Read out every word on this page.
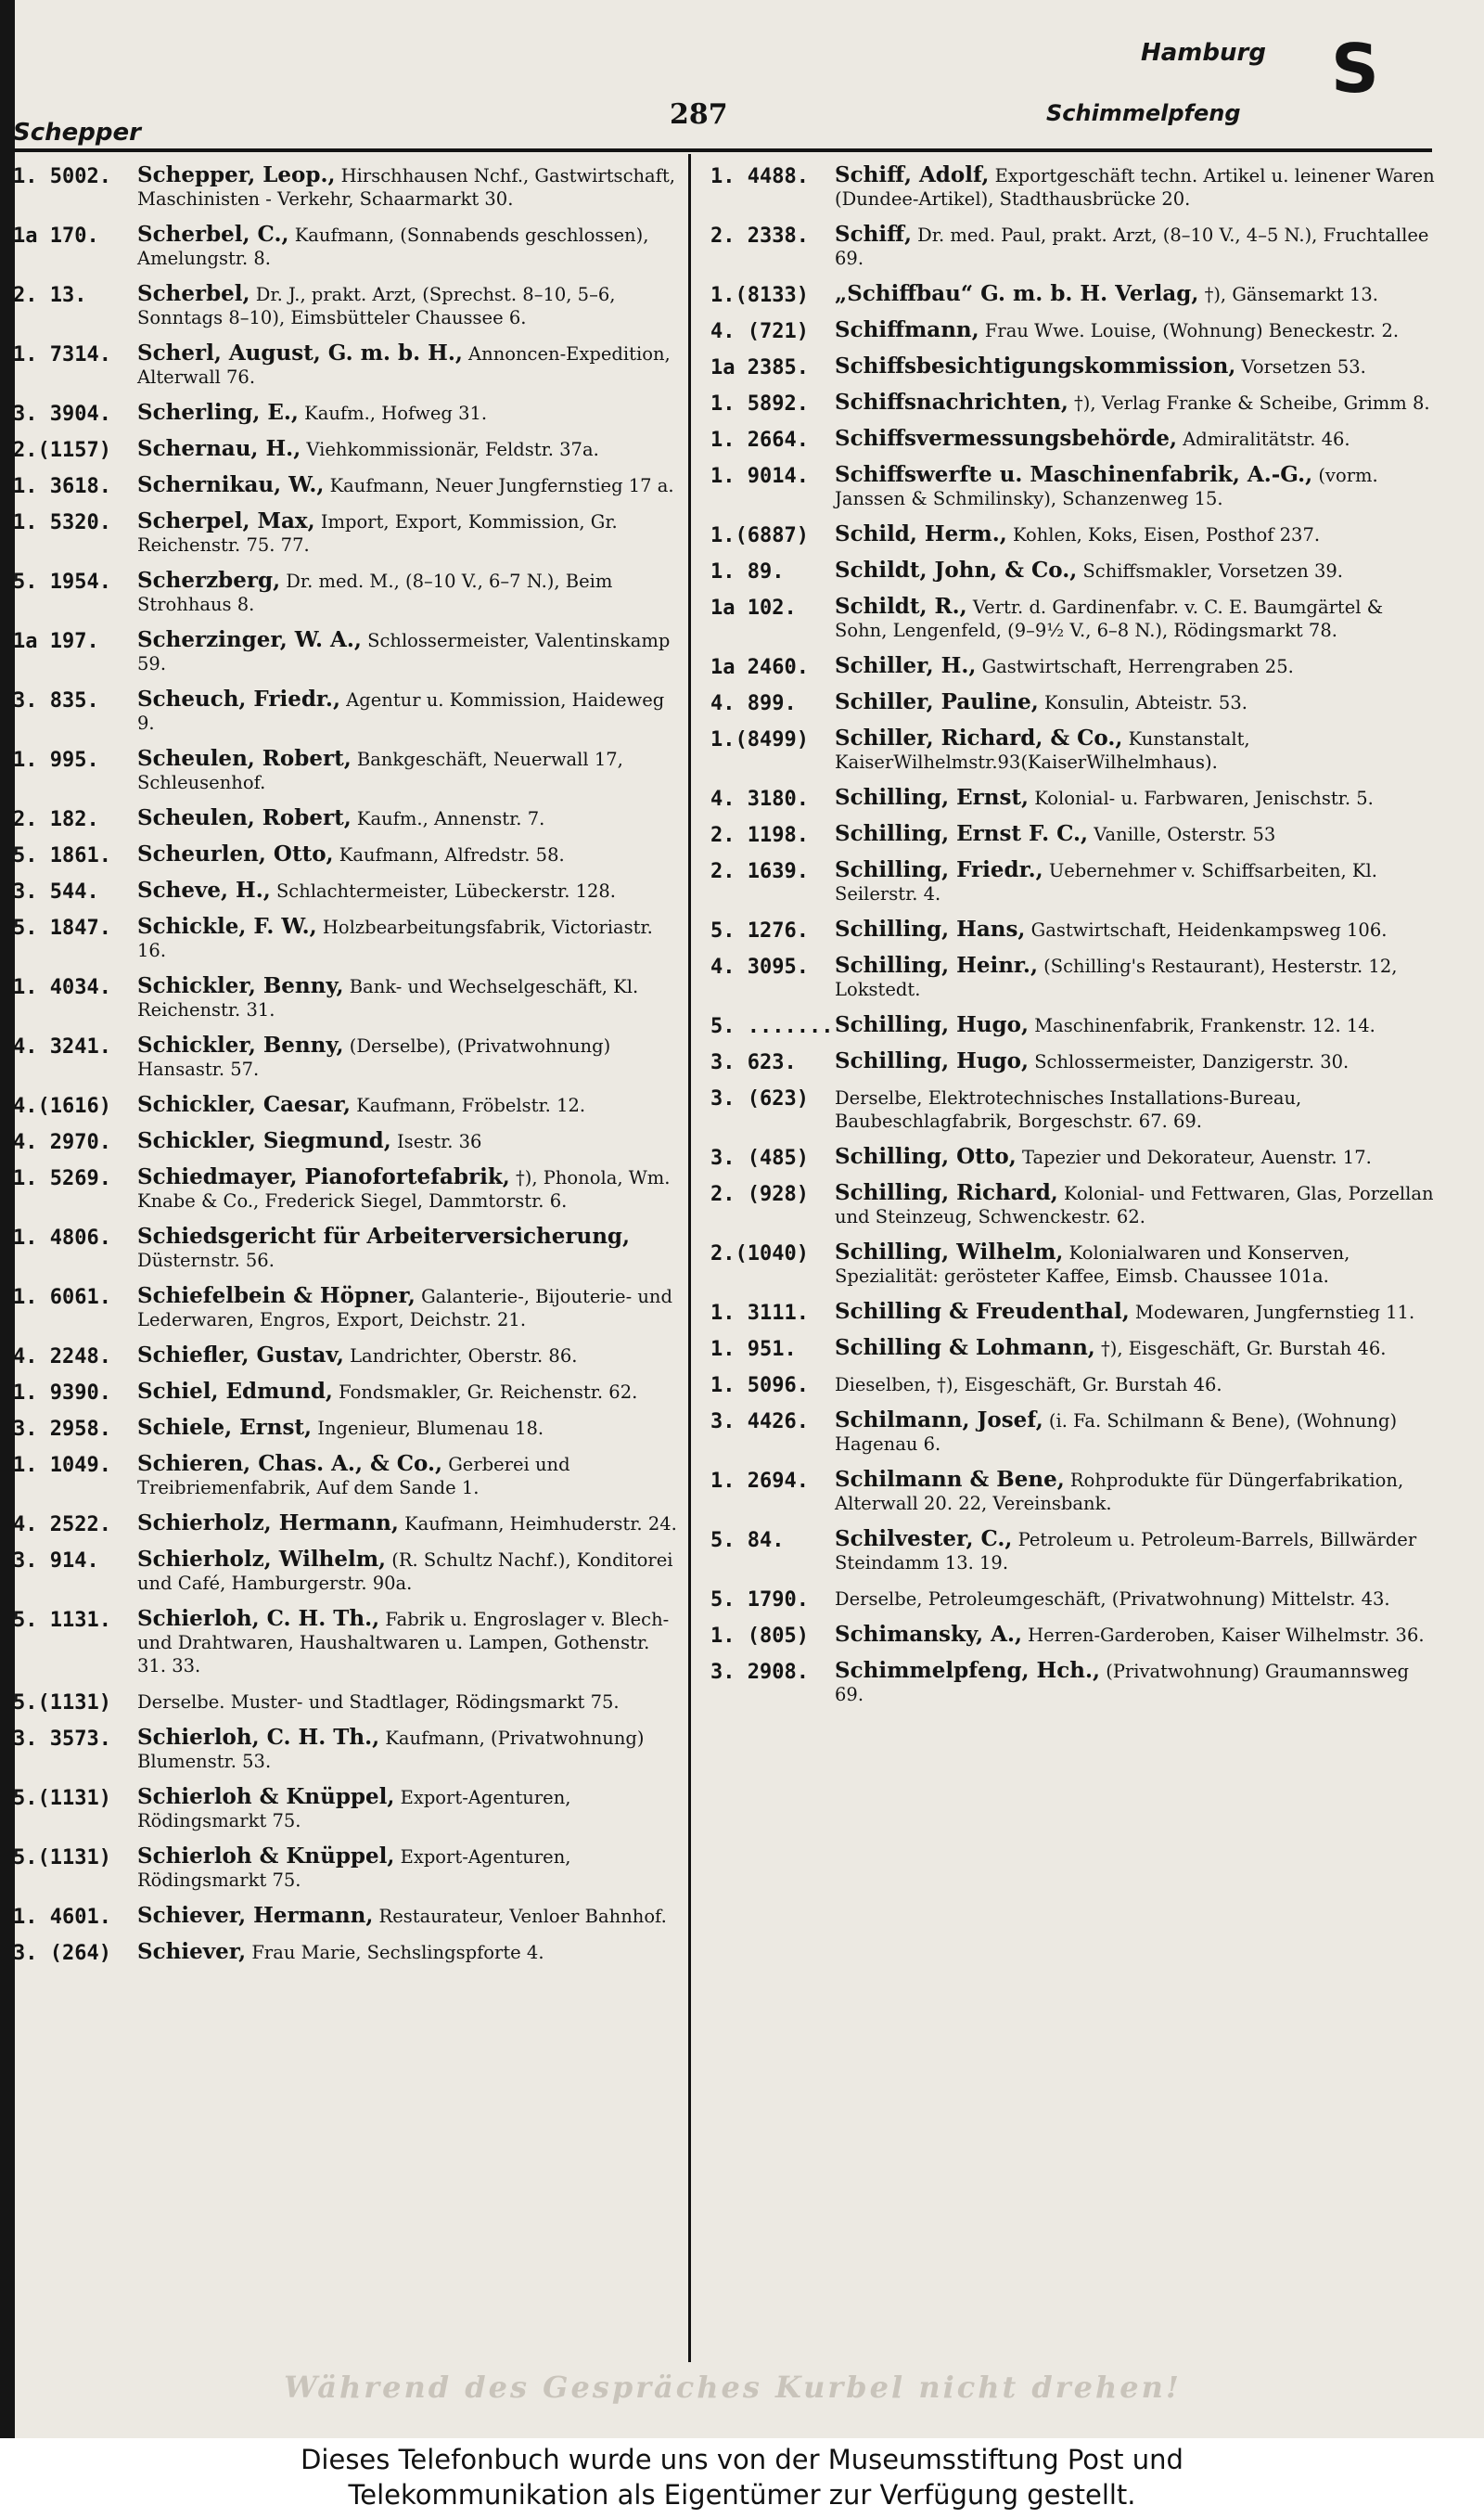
Hamburg S
Schepper
287	Schimmelpfeng
1. 5002.	Schepper, Leop., Hirschhausen Nchf., Gastwirtschaft, Maschinisten - Verkehr, Schaarmarkt 30.
1a 170.	Scherbel, C., Kaufmann, (Sonnabends geschlossen), Amelungstr. 8.
2. 13.	Scherbel, Dr. J., prakt. Arzt, (Sprechst. 8–10, 5–6, Sonntags 8–10), Eimsbütteler Chaussee 6.
1. 7314.	Scherl, August, G. m. b. H., Annoncen-Expedition, Alterwall 76.
3. 3904.	Scherling, E., Kaufm., Hofweg 31.
2.(1157)	Schernau, H., Viehkommissionär, Feldstr. 37a.
1. 3618.	Schernikau, W., Kaufmann, Neuer Jungfernstieg 17 a.
1. 5320.	Scherpel, Max, Import, Export, Kommission, Gr. Reichenstr. 75. 77.
5. 1954.	Scherzberg, Dr. med. M., (8–10 V., 6–7 N.), Beim Strohhaus 8.
1a 197.	Scherzinger, W. A., Schlossermeister, Valentinskamp 59.
3. 835.	Scheuch, Friedr., Agentur u. Kommission, Haideweg 9.
1. 995.	Scheulen, Robert, Bankgeschäft, Neuerwall 17, Schleusenhof.
2. 182.	Scheulen, Robert, Kaufm., Annenstr. 7.
5. 1861.	Scheurlen, Otto, Kaufmann, Alfredstr. 58.
3. 544.	Scheve, H., Schlachtermeister, Lübeckerstr. 128.
5. 1847.	Schickle, F. W., Holzbearbeitungsfabrik, Victoriastr. 16.
1. 4034.	Schickler, Benny, Bank- und Wechselgeschäft, Kl. Reichenstr. 31.
4. 3241.	Schickler, Benny, (Derselbe), (Privatwohnung) Hansastr. 57.
4.(1616)	Schickler, Caesar, Kaufmann, Fröbelstr. 12.
4. 2970.	Schickler, Siegmund, Isestr. 36
1. 5269.	Schiedmayer, Pianofortefabrik, †), Phonola, Wm. Knabe & Co., Frederick Siegel, Dammtorstr. 6.
1. 4806.	Schiedsgericht für Arbeiterversicherung, Düsternstr. 56.
1. 6061.	Schiefelbein & Höpner, Galanterie-, Bijouterie- und Lederwaren, Engros, Export, Deichstr. 21.
4. 2248.	Schiefler, Gustav, Landrichter, Oberstr. 86.
1. 9390.	Schiel, Edmund, Fondsmakler, Gr. Reichenstr. 62.
3. 2958.	Schiele, Ernst, Ingenieur, Blumenau 18.
1. 1049.	Schieren, Chas. A., & Co., Gerberei und Treibriemenfabrik, Auf dem Sande 1.
4. 2522.	Schierholz, Hermann, Kaufmann, Heimhuderstr. 24.
3. 914.	Schierholz, Wilhelm, (R. Schultz Nachf.), Konditorei und Café, Hamburgerstr. 90a.
5. 1131.	Schierloh, C. H. Th., Fabrik u. Engroslager v. Blech- und Drahtwaren, Haushaltwaren u. Lampen, Gothenstr. 31. 33.
5.(1131)	Derselbe. Muster- und Stadtlager, Rödingsmarkt 75.
3. 3573.	Schierloh, C. H. Th., Kaufmann, (Privatwohnung) Blumenstr. 53.
5.(1131)	Schierloh & Knüppel, Export-Agenturen, Rödingsmarkt 75.
5.(1131)	Schierloh & Knüppel, Export-Agenturen, Rödingsmarkt 75.
1. 4601.	Schiever, Hermann, Restaurateur, Venloer Bahnhof.
3. (264)	Schiever, Frau Marie, Sechslingspforte 4.
1. 4488.	Schiff, Adolf, Exportgeschäft techn. Artikel u. leinener Waren (Dundee-Artikel), Stadthausbrücke 20.
2. 2338.	Schiff, Dr. med. Paul, prakt. Arzt, (8–10 V., 4–5 N.), Fruchtallee 69.
1.(8133)	„Schiffbau“ G. m. b. H. Verlag, †), Gänsemarkt 13.
4. (721)	Schiffmann, Frau Wwe. Louise, (Wohnung) Beneckestr. 2.
1a 2385.	Schiffsbesichtigungskommission, Vorsetzen 53.
1. 5892.	Schiffsnachrichten, †), Verlag Franke & Scheibe, Grimm 8.
1. 2664.	Schiffsvermessungsbehörde, Admiralitätstr. 46.
1. 9014.	Schiffswerfte u. Maschinenfabrik, A.-G., (vorm. Janssen & Schmilinsky), Schanzenweg 15.
1.(6887)	Schild, Herm., Kohlen, Koks, Eisen, Posthof 237.
1. 89.	Schildt, John, & Co., Schiffsmakler, Vorsetzen 39.
1a 102.	Schildt, R., Vertr. d. Gardinenfabr. v. C. E. Baumgärtel & Sohn, Lengenfeld, (9–9½ V., 6–8 N.), Rödingsmarkt 78.
1a 2460.	Schiller, H., Gastwirtschaft, Herrengraben 25.
4. 899.	Schiller, Pauline, Konsulin, Abteistr. 53.
1.(8499)	Schiller, Richard, & Co., Kunstanstalt, KaiserWilhelmstr.93(KaiserWilhelmhaus).
4. 3180.	Schilling, Ernst, Kolonial- u. Farbwaren, Jenischstr. 5.
2. 1198.	Schilling, Ernst F. C., Vanille, Osterstr. 53
2. 1639.	Schilling, Friedr., Uebernehmer v. Schiffsarbeiten, Kl. Seilerstr. 4.
5. 1276.	Schilling, Hans, Gastwirtschaft, Heidenkampsweg 106.
4. 3095.	Schilling, Heinr., (Schilling's Restaurant), Hesterstr. 12, Lokstedt.
5. ....... Schilling, Hugo, Maschinenfabrik, Frankenstr. 12. 14.
3. 623.	Schilling, Hugo, Schlossermeister, Danzigerstr. 30.
3. (623)	Derselbe, Elektrotechnisches Installations-Bureau, Baubeschlagfabrik, Borgeschstr. 67. 69.
3. (485)	Schilling, Otto, Tapezier und Dekorateur, Auenstr. 17.
2. (928)	Schilling, Richard, Kolonial- und Fettwaren, Glas, Porzellan und Steinzeug, Schwenckestr. 62.
2.(1040)	Schilling, Wilhelm, Kolonialwaren und Konserven, Spezialität: gerösteter Kaffee, Eimsb. Chaussee 101a.
1. 3111.	Schilling & Freudenthal, Modewaren, Jungfernstieg 11.
1. 951.	Schilling & Lohmann, †), Eisgeschäft, Gr. Burstah 46.
1. 5096.	Dieselben, †), Eisgeschäft, Gr. Burstah 46.
3. 4426.	Schilmann, Josef, (i. Fa. Schilmann & Bene), (Wohnung) Hagenau 6.
1. 2694.	Schilmann & Bene, Rohprodukte für Düngerfabrikation, Alterwall 20. 22, Vereinsbank.
5. 84.	Schilvester, C., Petroleum u. Petroleum-Barrels, Billwärder Steindamm 13. 19.
5. 1790.	Derselbe, Petroleumgeschäft, (Privatwohnung) Mittelstr. 43.
1. (805)	Schimansky, A., Herren-Garderoben, Kaiser Wilhelmstr. 36.
3. 2908.	Schimmelpfeng, Hch., (Privatwohnung) Graumannsweg 69.
Während des Gespräches Kurbel nicht drehen!
Dieses Telefonbuch wurde uns von der Museumsstiftung Post und
Telekommunikation als Eigentümer zur Verfügung gestellt.
